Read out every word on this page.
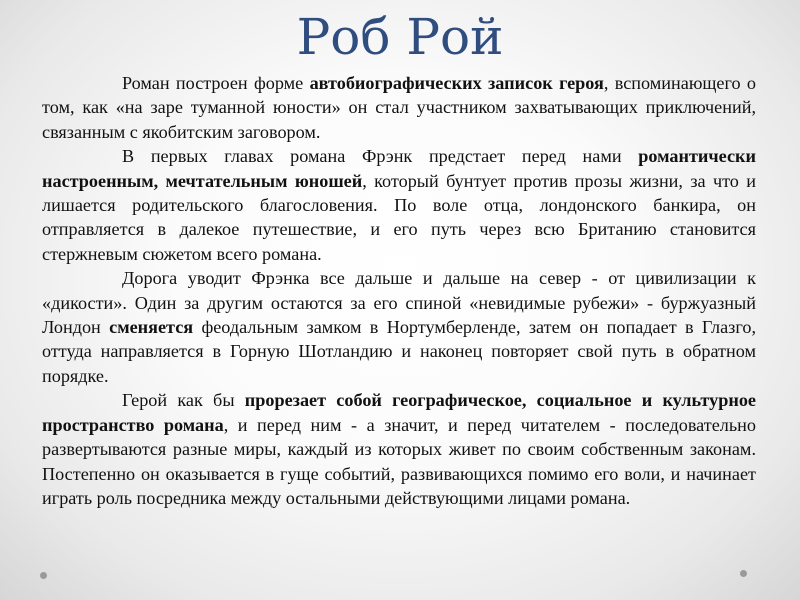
Роб Рой

Роман построен форме автобиографических записок героя, вспоминающего о том, как «на заре туманной юности» он стал участником захватывающих приключений, связанным с якобитским заговором.

В первых главах романа Фрэнк предстает перед нами романтически настроенным, мечтательным юношей, который бунтует против прозы жизни, за что и лишается родительского благословения. По воле отца, лондонского банкира, он отправляется в далекое путешествие, и его путь через всю Британию становится стержневым сюжетом всего романа.

Дорога уводит Фрэнка все дальше и дальше на север - от цивилизации к «дикости». Один за другим остаются за его спиной «невидимые рубежи» - буржуазный Лондон сменяется феодальным замком в Нортумберленде, затем он попадает в Глазго, оттуда направляется в Горную Шотландию и наконец повторяет свой путь в обратном порядке.

Герой как бы прорезает собой географическое, социальное и культурное пространство романа, и перед ним - а значит, и перед читателем - последовательно развертываются разные миры, каждый из которых живет по своим собственным законам. Постепенно он оказывается в гуще событий, развивающихся помимо его воли, и начинает играть роль посредника между остальными действующими лицами романа.
